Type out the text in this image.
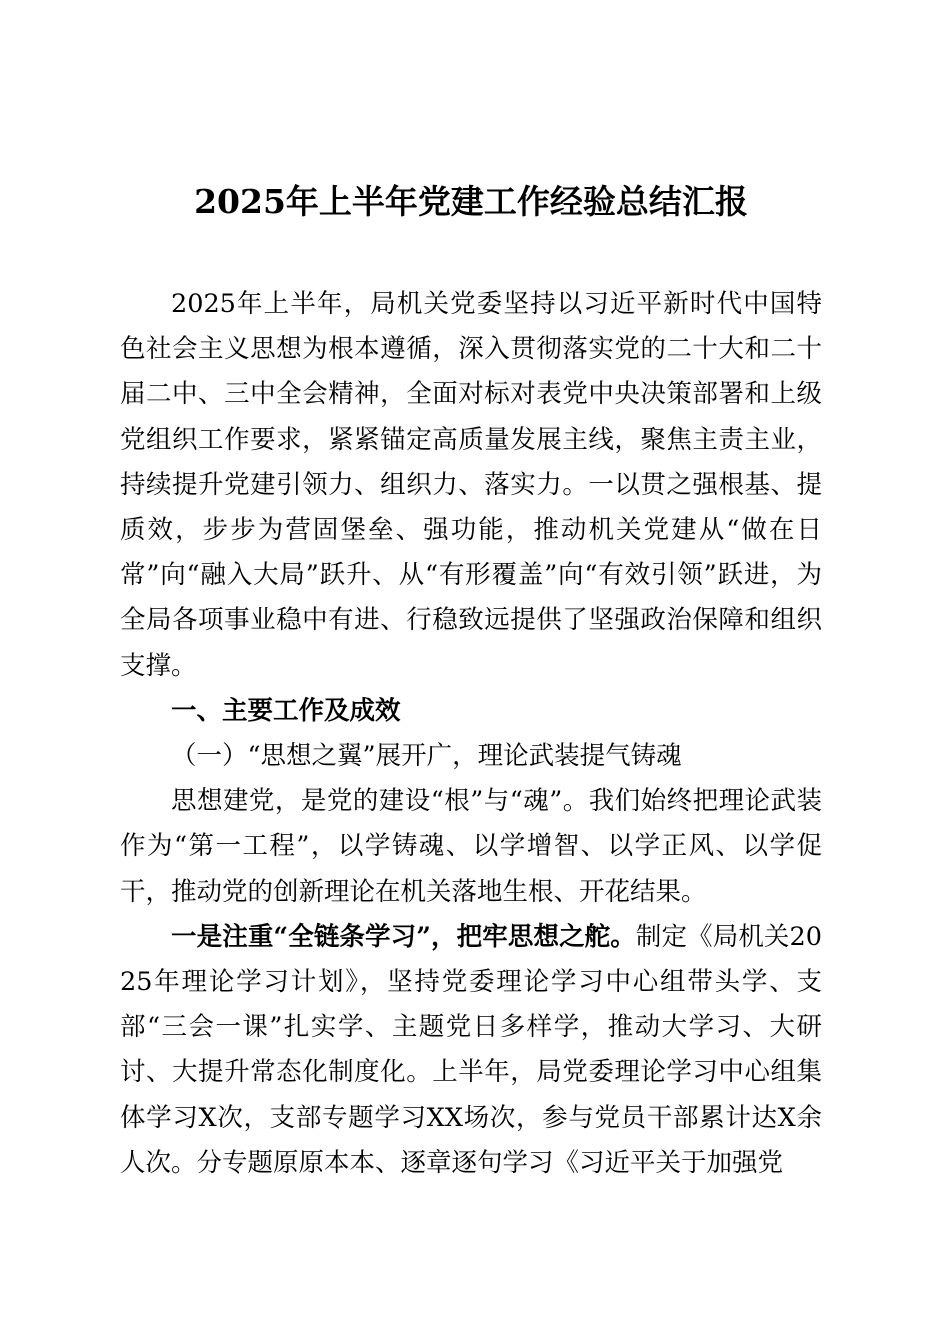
2025年上半年党建工作经验总结汇报

2025年上半年，局机关党委坚持以习近平新时代中国特色社会主义思想为根本遵循，深入贯彻落实党的二十大和二十届二中、三中全会精神，全面对标对表党中央决策部署和上级党组织工作要求，紧紧锚定高质量发展主线，聚焦主责主业，持续提升党建引领力、组织力、落实力。一以贯之强根基、提质效，步步为营固堡垒、强功能，推动机关党建从“做在日常”向“融入大局”跃升、从“有形覆盖”向“有效引领”跃进，为全局各项事业稳中有进、行稳致远提供了坚强政治保障和组织支撑。

一、主要工作及成效

（一）“思想之翼”展开广，理论武装提气铸魂

思想建党，是党的建设“根”与“魂”。我们始终把理论武装作为“第一工程”，以学铸魂、以学增智、以学正风、以学促干，推动党的创新理论在机关落地生根、开花结果。

一是注重“全链条学习”，把牢思想之舵。制定《局机关2025年理论学习计划》，坚持党委理论学习中心组带头学、支部“三会一课”扎实学、主题党日多样学，推动大学习、大研讨、大提升常态化制度化。上半年，局党委理论学习中心组集体学习X次，支部专题学习XX场次，参与党员干部累计达X余人次。分专题原原本本、逐章逐句学习《习近平关于加强党
